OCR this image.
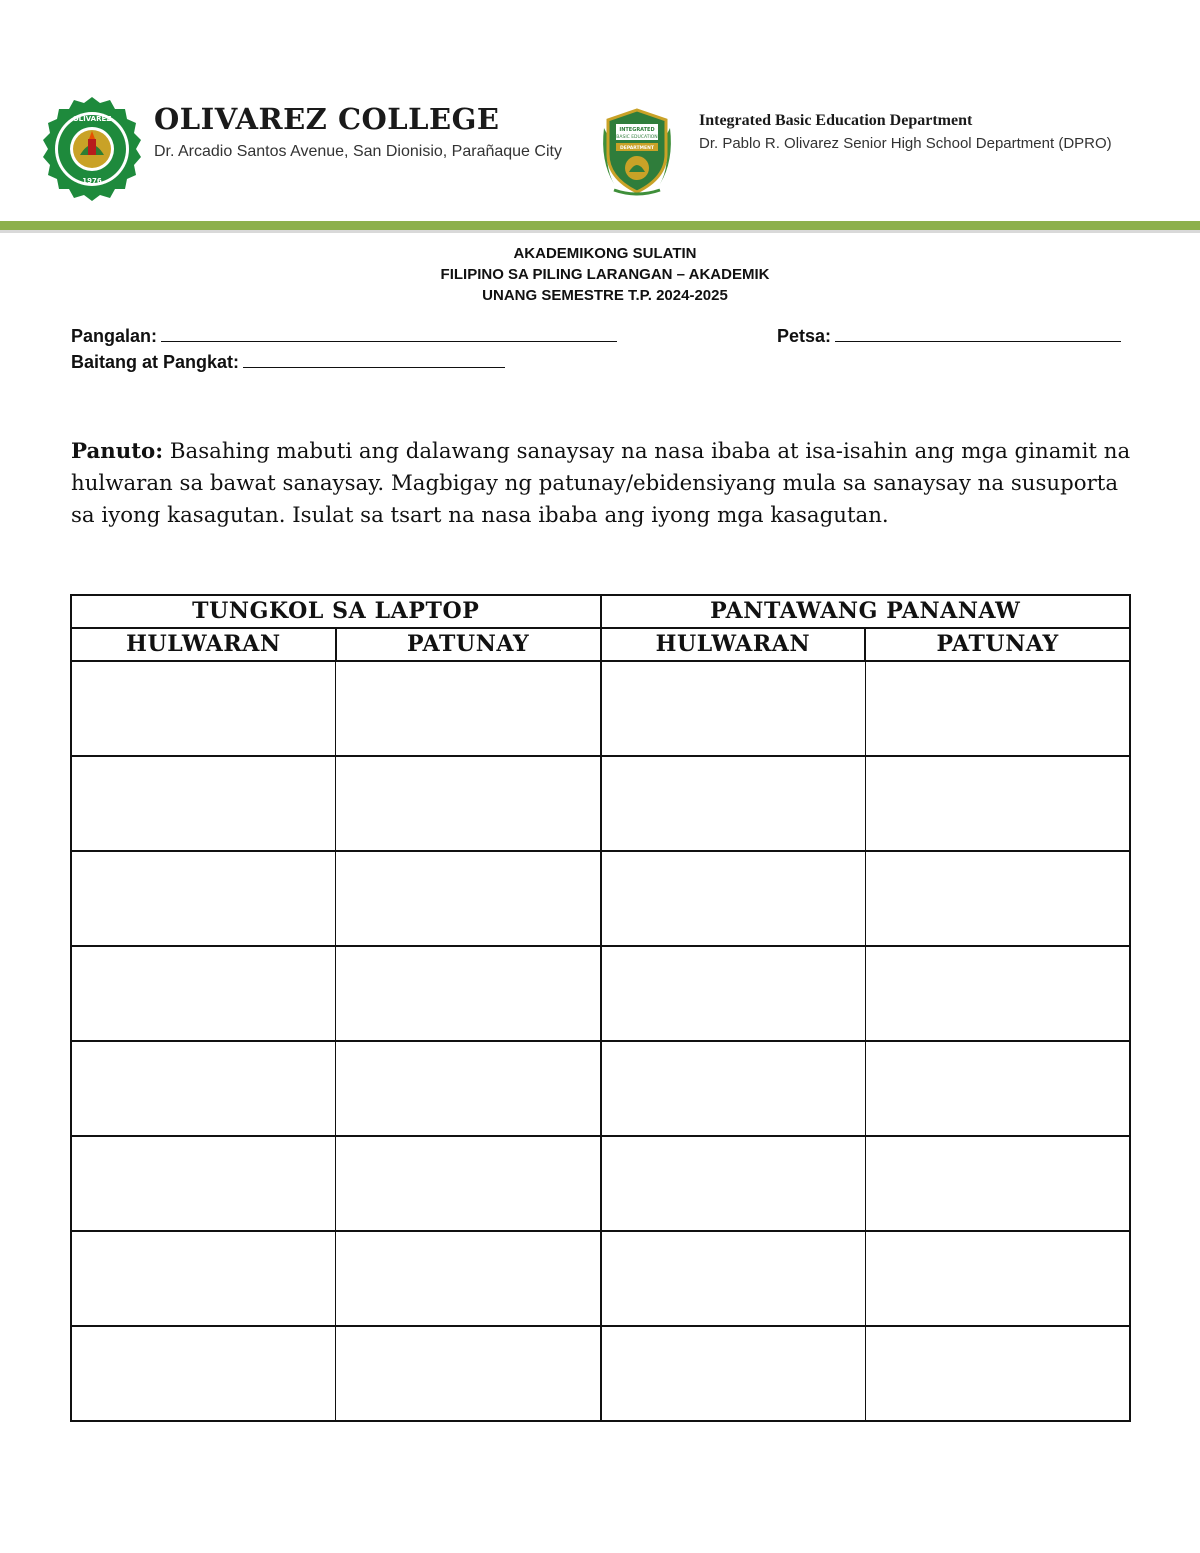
OLIVAREZ
1976
OLIVAREZ COLLEGE
Dr. Arcadio Santos Avenue, San Dionisio, Parañaque City
INTEGRATED
BASIC EDUCATION
DEPARTMENT
Integrated Basic Education Department
Dr. Pablo R. Olivarez Senior High School Department (DPRO)
AKADEMIKONG SULATIN
FILIPINO SA PILING LARANGAN – AKADEMIK
UNANG SEMESTRE T.P. 2024-2025
Pangalan:	Petsa:
Baitang at Pangkat:
Panuto: Basahing mabuti ang dalawang sanaysay na nasa ibaba at isa-isahin ang mga ginamit na hulwaran sa bawat sanaysay. Magbigay ng patunay/ebidensiyang mula sa sanaysay na susuporta sa iyong kasagutan. Isulat sa tsart na nasa ibaba ang iyong mga kasagutan.
TUNGKOL SA LAPTOP		PANTAWANG PANANAW	
HULWARAN	PATUNAY	HULWARAN	PATUNAY
